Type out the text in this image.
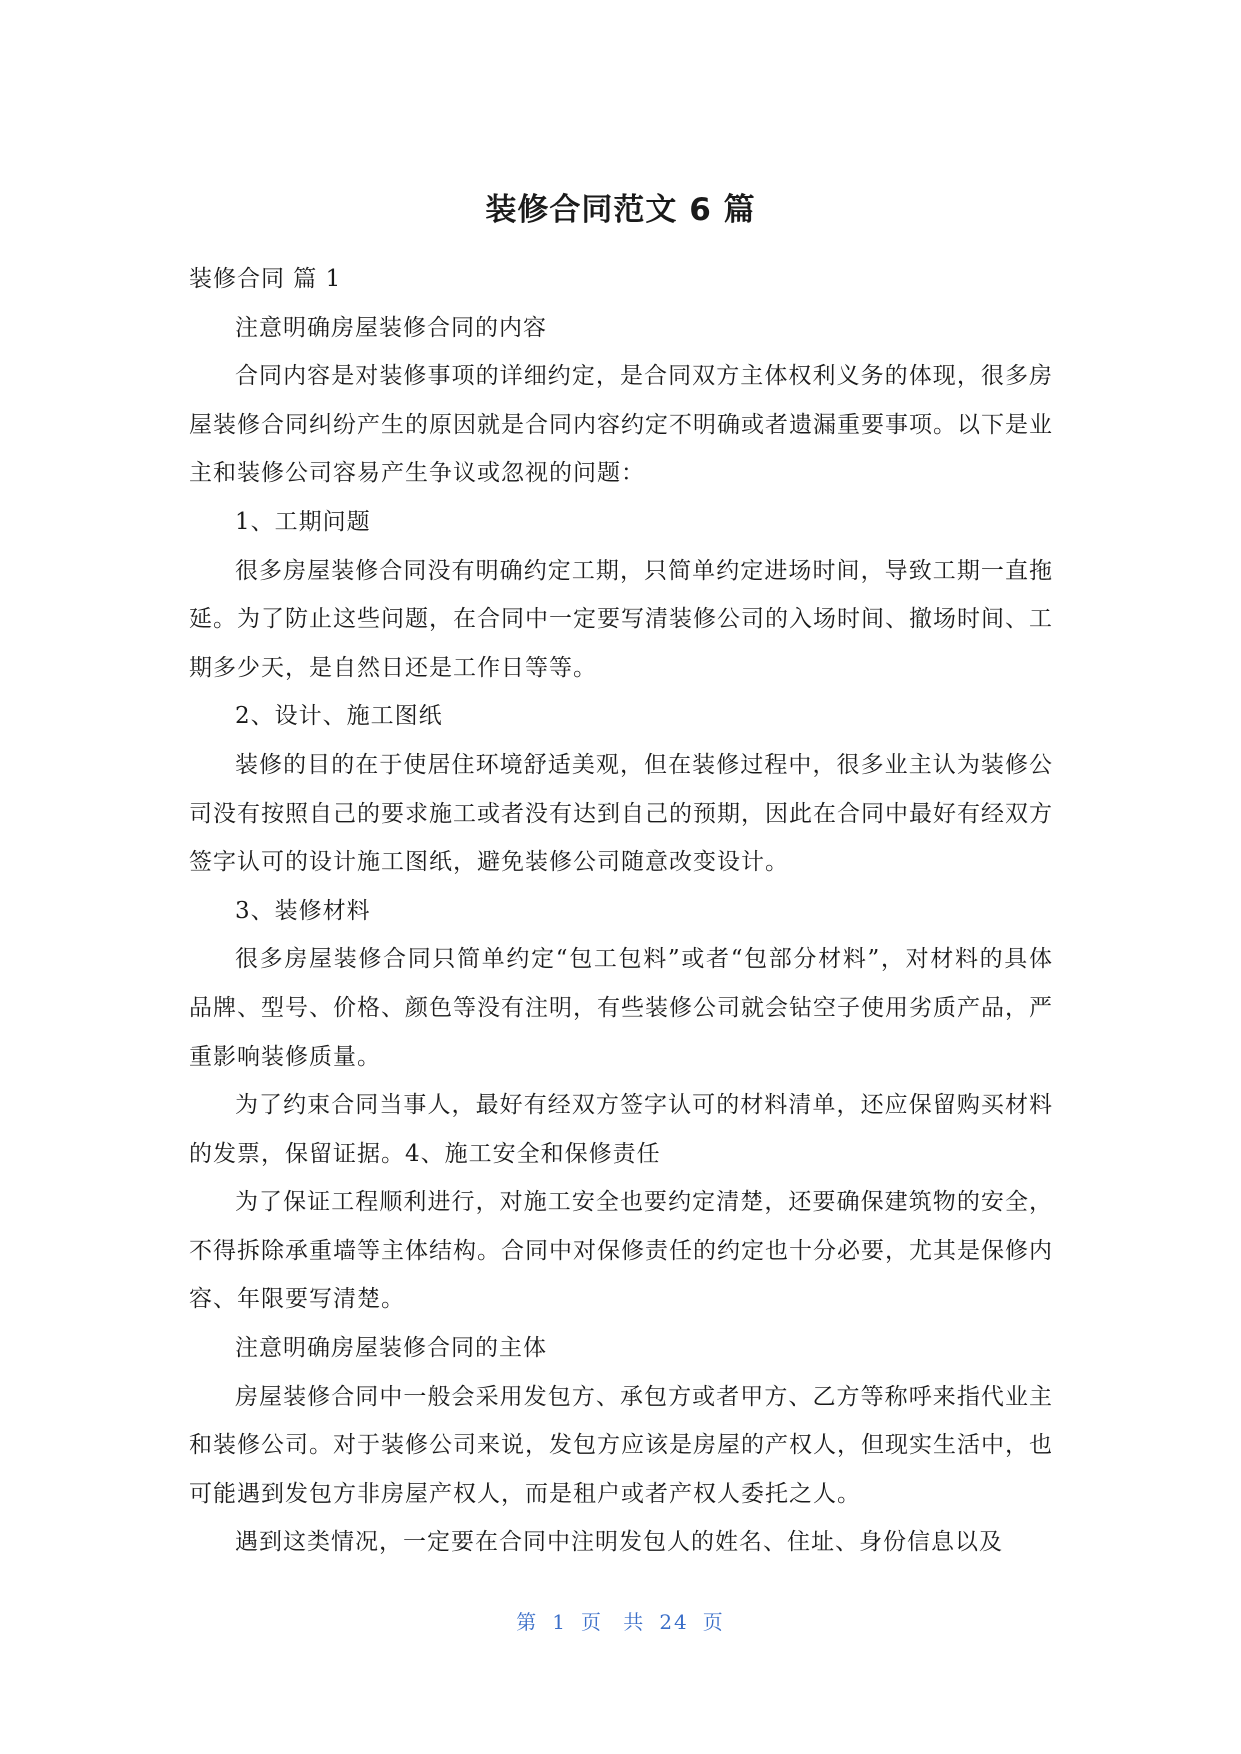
装修合同范文 6 篇

装修合同 篇 1

注意明确房屋装修合同的内容

合同内容是对装修事项的详细约定，是合同双方主体权利义务的体现，很多房屋装修合同纠纷产生的原因就是合同内容约定不明确或者遗漏重要事项。以下是业主和装修公司容易产生争议或忽视的问题：

1、工期问题

很多房屋装修合同没有明确约定工期，只简单约定进场时间，导致工期一直拖延。为了防止这些问题，在合同中一定要写清装修公司的入场时间、撤场时间、工期多少天，是自然日还是工作日等等。

2、设计、施工图纸

装修的目的在于使居住环境舒适美观，但在装修过程中，很多业主认为装修公司没有按照自己的要求施工或者没有达到自己的预期，因此在合同中最好有经双方签字认可的设计施工图纸，避免装修公司随意改变设计。

3、装修材料

很多房屋装修合同只简单约定“包工包料”或者“包部分材料”，对材料的具体品牌、型号、价格、颜色等没有注明，有些装修公司就会钻空子使用劣质产品，严重影响装修质量。

为了约束合同当事人，最好有经双方签字认可的材料清单，还应保留购买材料的发票，保留证据。4、施工安全和保修责任

为了保证工程顺利进行，对施工安全也要约定清楚，还要确保建筑物的安全，不得拆除承重墙等主体结构。合同中对保修责任的约定也十分必要，尤其是保修内容、年限要写清楚。

注意明确房屋装修合同的主体

房屋装修合同中一般会采用发包方、承包方或者甲方、乙方等称呼来指代业主和装修公司。对于装修公司来说，发包方应该是房屋的产权人，但现实生活中，也可能遇到发包方非房屋产权人，而是租户或者产权人委托之人。

遇到这类情况，一定要在合同中注明发包人的姓名、住址、身份信息以及

第 1 页 共 24 页
